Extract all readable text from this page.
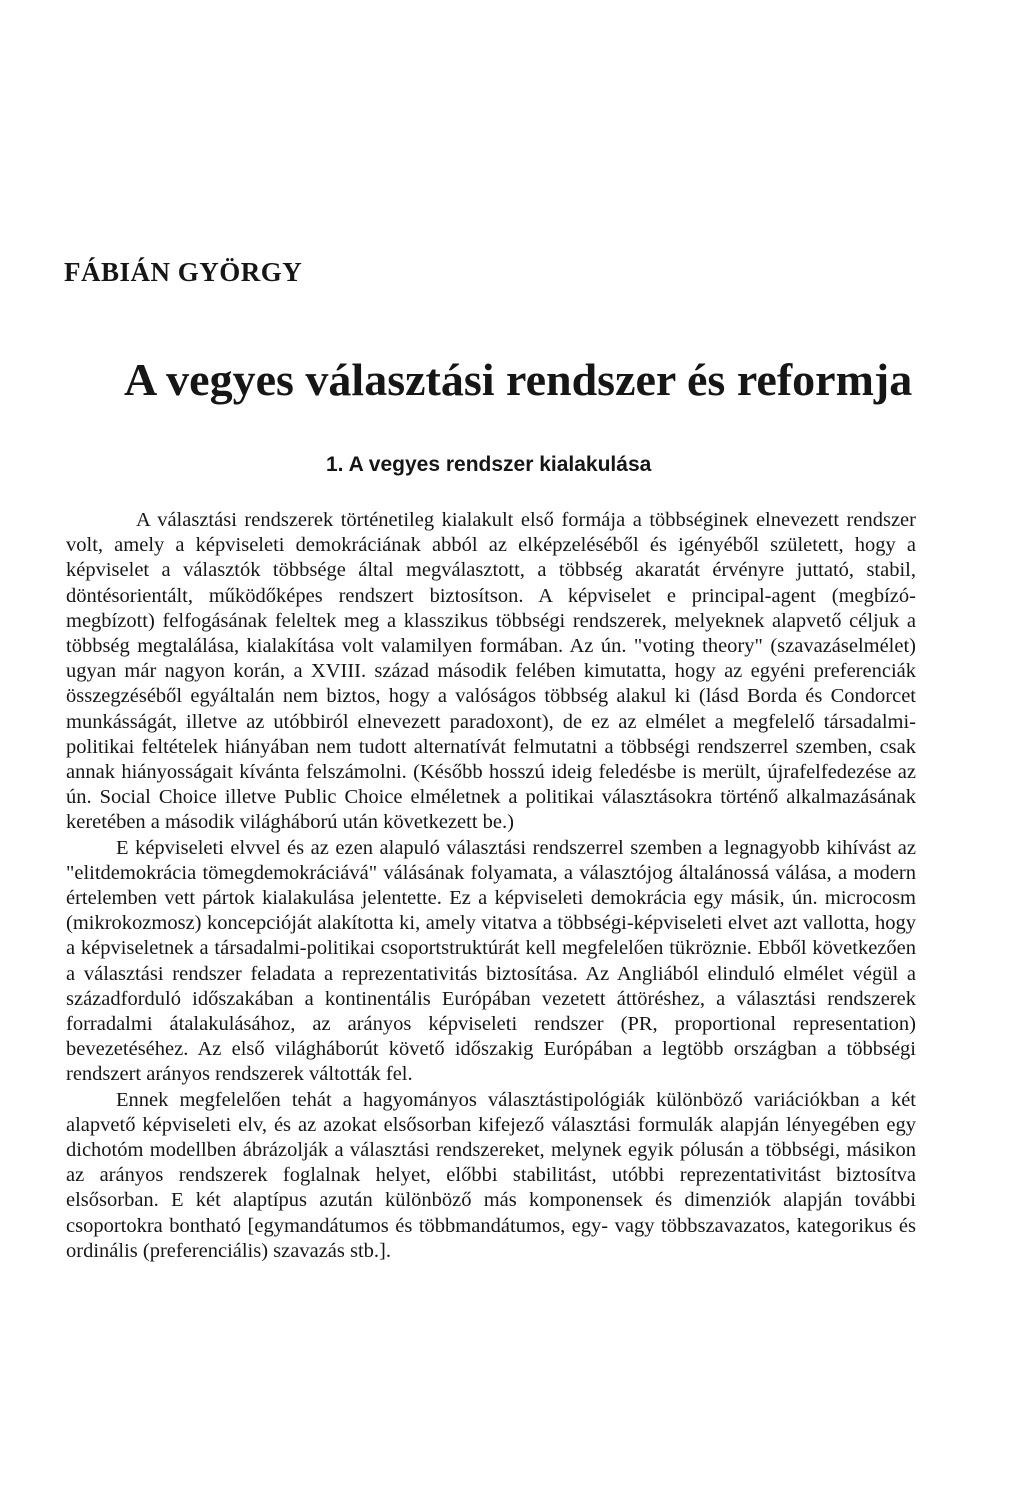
FÁBIÁN GYÖRGY
A vegyes választási rendszer és reformja
1. A vegyes rendszer kialakulása

A választási rendszerek történetileg kialakult első formája a többséginek elnevezett rendszer volt, amely a képviseleti demokráciának abból az elképzeléséből és igényéből született, hogy a képviselet a választók többsége által megválasztott, a többség akaratát érvényre juttató, stabil, döntésorientált, működőképes rendszert biztosítson. A képviselet e principal-agent (megbízó-megbízott) felfogásának feleltek meg a klasszikus többségi rendszerek, melyeknek alapvető céljuk a többség megtalálása, kialakítása volt valamilyen formában. Az ún. "voting theory" (szavazáselmélet) ugyan már nagyon korán, a XVIII. század második felében kimutatta, hogy az egyéni preferenciák összegzéséből egyáltalán nem biztos, hogy a valóságos többség alakul ki (lásd Borda és Condorcet munkásságát, illetve az utóbbiról elnevezett paradoxont), de ez az elmélet a megfelelő társadalmi-politikai feltételek hiányában nem tudott alternatívát felmutatni a többségi rendszerrel szemben, csak annak hiányosságait kívánta felszámolni. (Később hosszú ideig feledésbe is merült, újrafelfedezése az ún. Social Choice illetve Public Choice elméletnek a politikai választásokra történő alkalmazásának keretében a második világháború után következett be.)

E képviseleti elvvel és az ezen alapuló választási rendszerrel szemben a legnagyobb kihívást az "elitdemokrácia tömegdemokráciává" válásának folyamata, a választójog általánossá válása, a modern értelemben vett pártok kialakulása jelentette. Ez a képviseleti demokrácia egy másik, ún. microcosm (mikrokozmosz) koncepcióját alakította ki, amely vitatva a többségi-képviseleti elvet azt vallotta, hogy a képviseletnek a társadalmi-politikai csoportstruktúrát kell megfelelően tükröznie. Ebből következően a választási rendszer feladata a reprezentativitás biztosítása. Az Angliából elinduló elmélet végül a századforduló időszakában a kontinentális Európában vezetett áttöréshez, a választási rendszerek forradalmi átalakulásához, az arányos képviseleti rendszer (PR, proportional representation) bevezetéséhez. Az első világháborút követő időszakig Európában a legtöbb országban a többségi rendszert arányos rendszerek váltották fel.

Ennek megfelelően tehát a hagyományos választástipológiák különböző variációkban a két alapvető képviseleti elv, és az azokat elsősorban kifejező választási formulák alapján lényegében egy dichotóm modellben ábrázolják a választási rendszereket, melynek egyik pólusán a többségi, másikon az arányos rendszerek foglalnak helyet, előbbi stabilitást, utóbbi reprezentativitást biztosítva elsősorban. E két alaptípus azután különböző más komponensek és dimenziók alapján további csoportokra bontható [egymandátumos és többmandátumos, egy- vagy többszavazatos, kategorikus és ordinális (preferenciális) szavazás stb.].
